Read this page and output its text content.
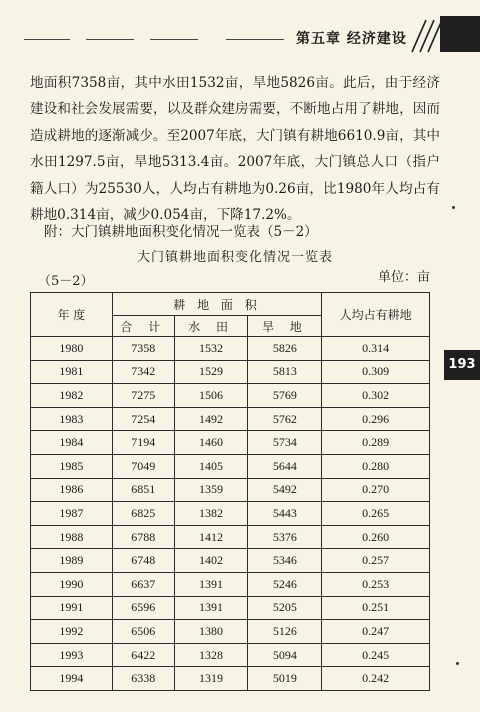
第五章 经济建设

地面积7358亩，其中水田1532亩，旱地5826亩。此后，由于经济建设和社会发展需要，以及群众建房需要，不断地占用了耕地，因而造成耕地的逐渐减少。至2007年底，大门镇有耕地6610.9亩，其中水田1297.5亩，旱地5313.4亩。2007年底，大门镇总人口（指户籍人口）为25530人，人均占有耕地为0.26亩，比1980年人均占有耕地0.314亩，减少0.054亩，下降17.2%。

附：大门镇耕地面积变化情况一览表（5－2）
大门镇耕地面积变化情况一览表
（5－2）	单位：亩
年 度	耕 地 面 积			人均占有耕地
	合 计	水 田	旱 地	
1980	7358	1532	5826	0.314
1981	7342	1529	5813	0.309
1982	7275	1506	5769	0.302
1983	7254	1492	5762	0.296
1984	7194	1460	5734	0.289
1985	7049	1405	5644	0.280
1986	6851	1359	5492	0.270
1987	6825	1382	5443	0.265
1988	6788	1412	5376	0.260
1989	6748	1402	5346	0.257
1990	6637	1391	5246	0.253
1991	6596	1391	5205	0.251
1992	6506	1380	5126	0.247
1993	6422	1328	5094	0.245
1994	6338	1319	5019	0.242
193
